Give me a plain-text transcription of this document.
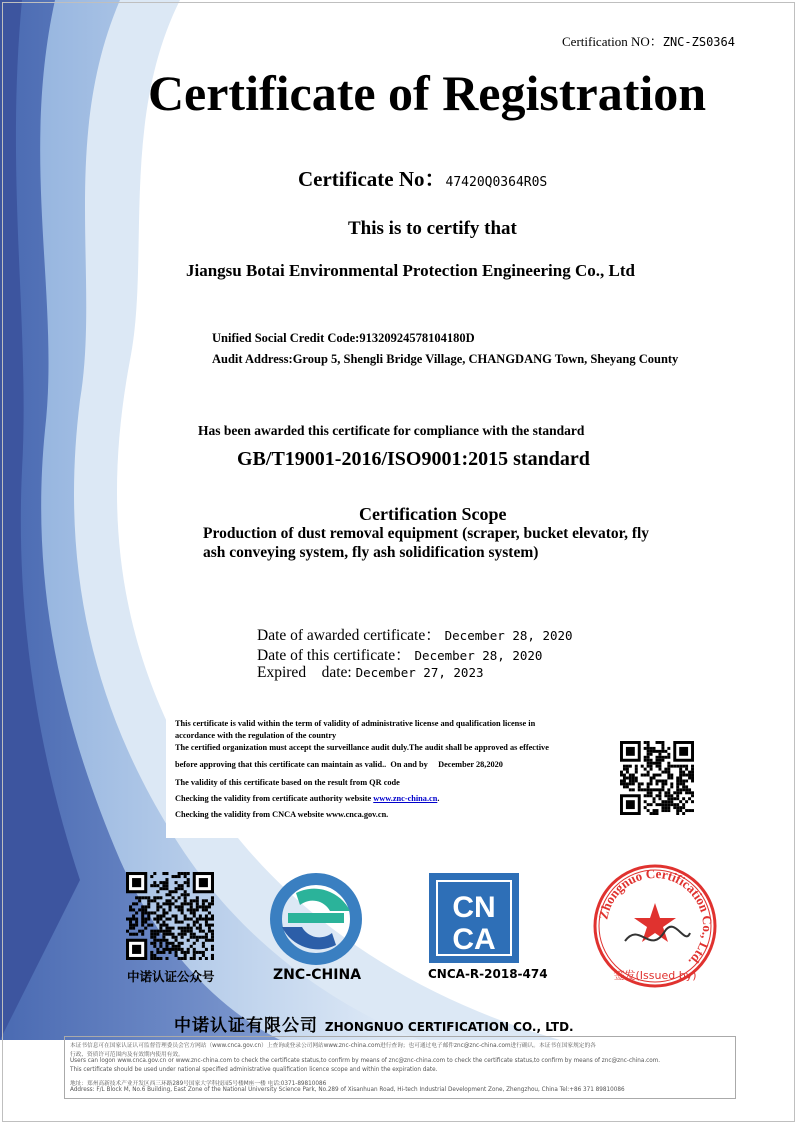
Certification NO：ZNC-ZS0364
Certificate of Registration
Certificate No：47420Q0364R0S
This is to certify that
Jiangsu Botai Environmental Protection Engineering Co., Ltd
Unified Social Credit Code:91320924578104180D
Audit Address:Group 5, Shengli Bridge Village, CHANGDANG Town, Sheyang County
Has been awarded this certificate for compliance with the standard
GB/T19001-2016/ISO9001:2015 standard
Certification Scope
Production of dust removal equipment (scraper, bucket elevator, fly
ash conveying system, fly ash solidification system)
Date of awarded certificate： December 28, 2020
Date of this certificate： December 28, 2020
Expired    date: December 27, 2023
This certificate is valid within the term of validity of administrative license and qualification license in
accordance with the regulation of the country
The certified organization must accept the surveillance audit duly.The audit shall be approved as effective
before approving that this certificate can maintain as valid..  On and by     December 28,2020
The validity of this certificate based on the result from QR code
Checking the validity from certificate authority website www.znc-china.cn.
Checking the validity from CNCA website www.cnca.gov.cn.
中诺认证公众号	ZNC-CHINA
CN
CA
CNCA-R-2018-474
Zhongnuo Certification Co., Ltd.
签发(Issued by)
中诺认证有限公司 ZHONGNUO CERTIFICATION CO., LTD.
本证书信息可在国家认证认可监督管理委员会官方网站（www.cnca.gov.cn）上查询或登录公司网站www.znc-china.com进行查询；也可通过电子邮件znc@znc-china.com进行确认。本证书在国家规定的各
行政、资质许可范围内及有效期内使用有效。
Users can logon www.cnca.gov.cn or www.znc-china.com to check the certificate status,to confirm by means of znc@znc-china.com to check the certificate status,to confirm by means of znc@znc-china.com.
This certificate should be used under national specified administrative qualification licence scope and within the expiration date.
地址：郑州高新技术产业开发区西三环路289号国家大学科技园5号楼M座一楼 电话:0371-89810086
Address: F/L Block M, No.6 Building, East Zone of the National University Science Park, No.289 of Xisanhuan Road, Hi-tech Industrial Development Zone, Zhengzhou, China Tel:+86 371 89810086
